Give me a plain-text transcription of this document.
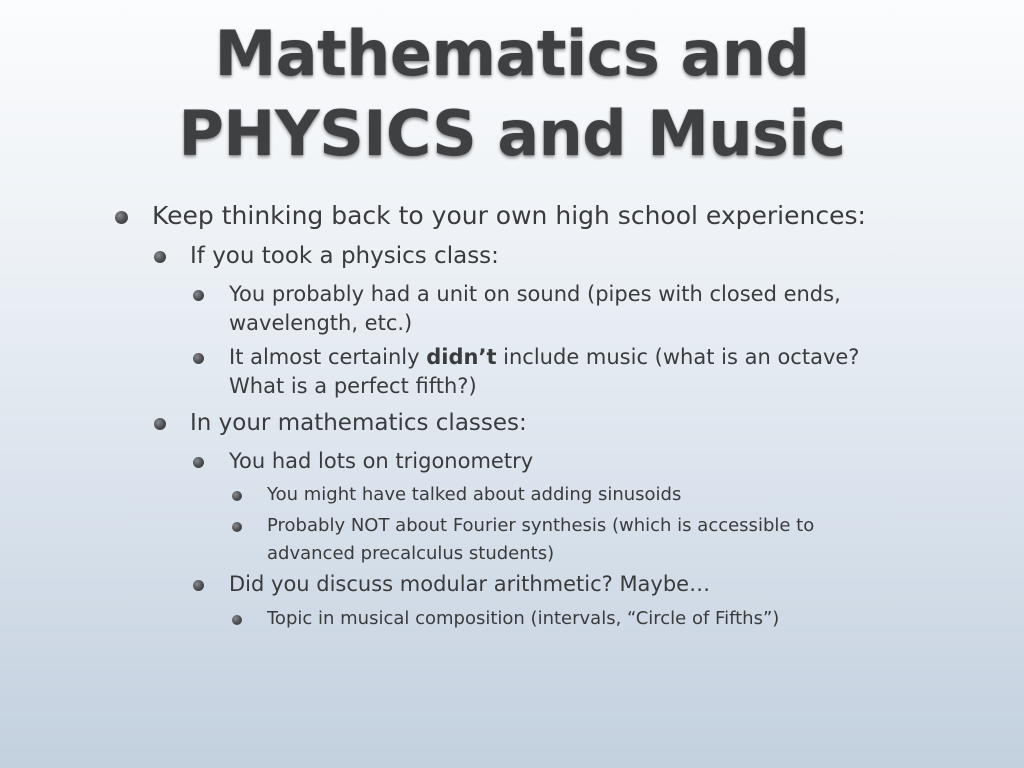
Mathematics and
PHYSICS and Music
Keep thinking back to your own high school experiences:
If you took a physics class:
You probably had a unit on sound (pipes with closed ends,
wavelength, etc.)
It almost certainly didn’t include music (what is an octave?
What is a perfect fifth?)
In your mathematics classes:
You had lots on trigonometry
You might have talked about adding sinusoids
Probably NOT about Fourier synthesis (which is accessible to
advanced precalculus students)
Did you discuss modular arithmetic? Maybe…
Topic in musical composition (intervals, “Circle of Fifths”)
